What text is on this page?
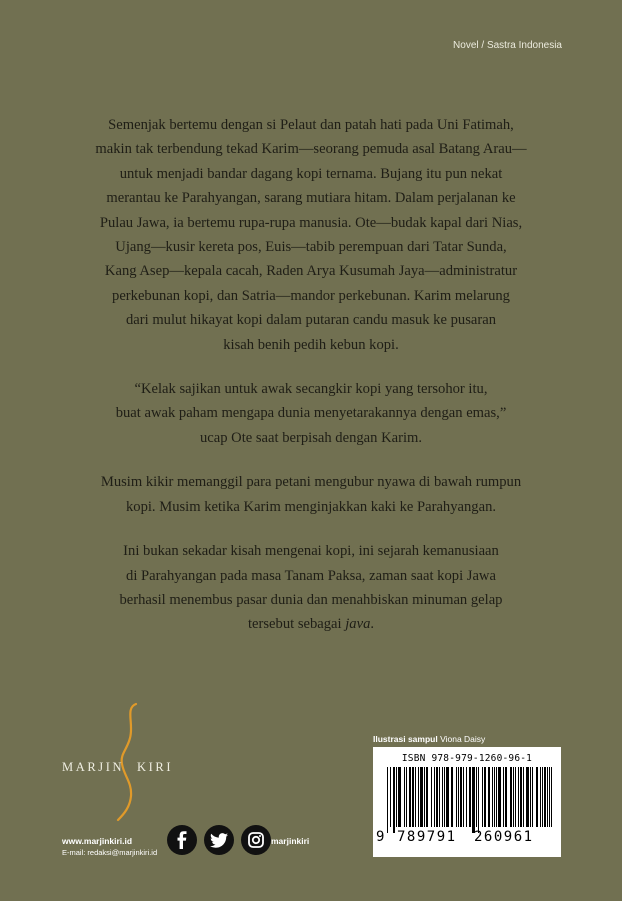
Novel / Sastra Indonesia

Semenjak bertemu dengan si Pelaut dan patah hati pada Uni Fatimah,
makin tak terbendung tekad Karim—seorang pemuda asal Batang Arau—
untuk menjadi bandar dagang kopi ternama. Bujang itu pun nekat
merantau ke Parahyangan, sarang mutiara hitam. Dalam perjalanan ke
Pulau Jawa, ia bertemu rupa-rupa manusia. Ote—budak kapal dari Nias,
Ujang—kusir kereta pos, Euis—tabib perempuan dari Tatar Sunda,
Kang Asep—kepala cacah, Raden Arya Kusumah Jaya—administratur
perkebunan kopi, dan Satria—mandor perkebunan. Karim melarung
dari mulut hikayat kopi dalam putaran candu masuk ke pusaran
kisah benih pedih kebun kopi.

“Kelak sajikan untuk awak secangkir kopi yang tersohor itu,
buat awak paham mengapa dunia menyetarakannya dengan emas,”
ucap Ote saat berpisah dengan Karim.

Musim kikir memanggil para petani mengubur nyawa di bawah rumpun
kopi. Musim ketika Karim menginjakkan kaki ke Parahyangan.

Ini bukan sekadar kisah mengenai kopi, ini sejarah kemanusiaan
di Parahyangan pada masa Tanam Paksa, zaman saat kopi Jawa
berhasil menembus pasar dunia dan menahbiskan minuman gelap
tersebut sebagai java.

MARJIN KIRI
www.marjinkiri.id
E-mail: redaksi@marjinkiri.id
marjinkiri
Ilustrasi sampul Viona Daisy
ISBN 978-979-1260-96-1
9 789791 260961
